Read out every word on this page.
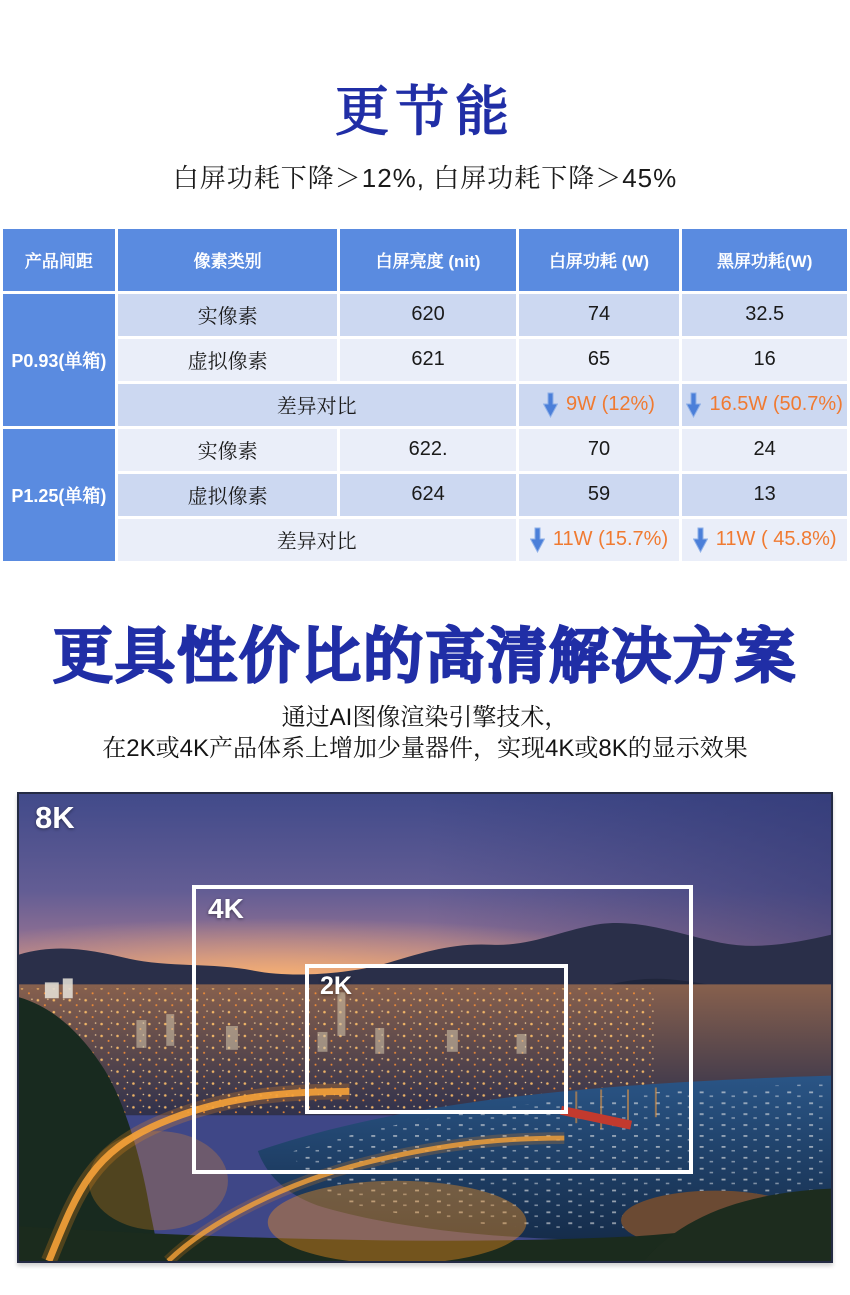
更节能
白屏功耗下降＞12%, 白屏功耗下降＞45%
产品间距	像素类别	白屏亮度 (nit)	白屏功耗 (W)	黑屏功耗(W)
P0.93(单箱)	实像素	620	74	32.5
	虚拟像素	621	65	16
	差异对比		9W (12%)	16.5W (50.7%)

P1.25(单箱)	实像素	622.	70	24
	虚拟像素	624	59	13
	差异对比		11W (15.7%)	11W ( 45.8%)
更具性价比的高清解决方案
通过AI图像渲染引擎技术，
在2K或4K产品体系上增加少量器件，实现4K或8K的显示效果
8K
4K
2K
